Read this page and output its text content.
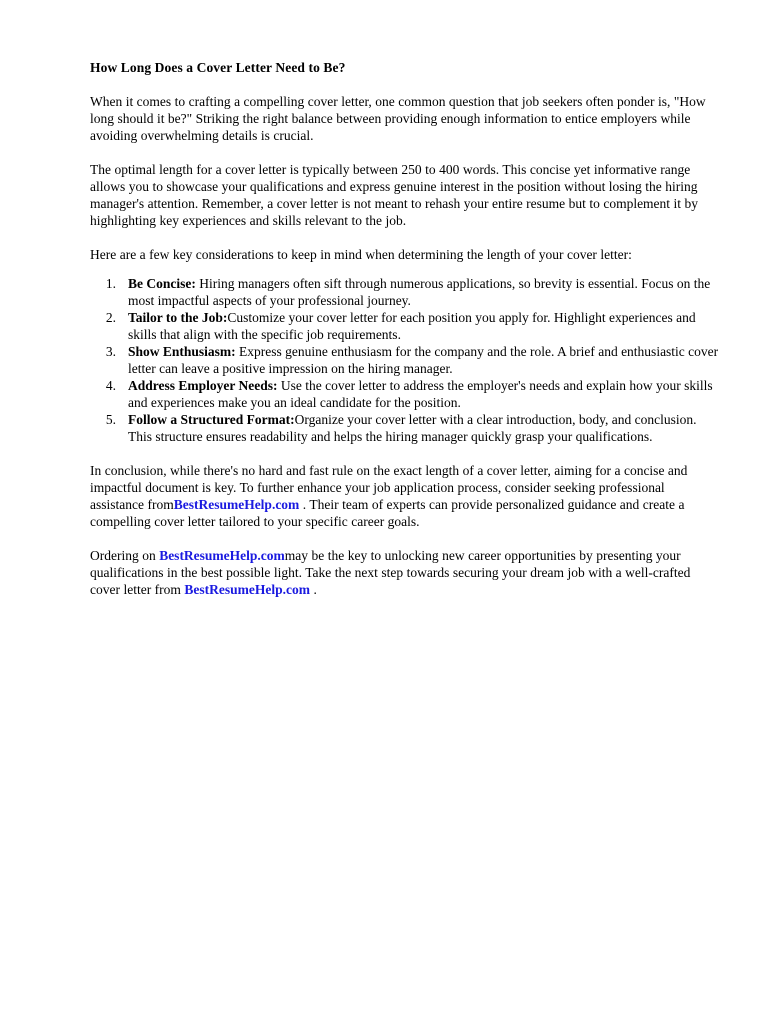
How Long Does a Cover Letter Need to Be?

When it comes to crafting a compelling cover letter, one common question that job seekers often ponder is, "How long should it be?" Striking the right balance between providing enough information to entice employers while avoiding overwhelming details is crucial.

The optimal length for a cover letter is typically between 250 to 400 words. This concise yet informative range allows you to showcase your qualifications and express genuine interest in the position without losing the hiring manager's attention. Remember, a cover letter is not meant to rehash your entire resume but to complement it by highlighting key experiences and skills relevant to the job.

Here are a few key considerations to keep in mind when determining the length of your cover letter:

Be Concise: Hiring managers often sift through numerous applications, so brevity is essential. Focus on the most impactful aspects of your professional journey.
Tailor to the Job:Customize your cover letter for each position you apply for. Highlight experiences and skills that align with the specific job requirements.
Show Enthusiasm: Express genuine enthusiasm for the company and the role. A brief and enthusiastic cover letter can leave a positive impression on the hiring manager.
Address Employer Needs: Use the cover letter to address the employer's needs and explain how your skills and experiences make you an ideal candidate for the position.
Follow a Structured Format:Organize your cover letter with a clear introduction, body, and conclusion. This structure ensures readability and helps the hiring manager quickly grasp your qualifications.

In conclusion, while there's no hard and fast rule on the exact length of a cover letter, aiming for a concise and impactful document is key. To further enhance your job application process, consider seeking professional assistance fromBestResumeHelp.com . Their team of experts can provide personalized guidance and create a compelling cover letter tailored to your specific career goals.

Ordering on BestResumeHelp.commay be the key to unlocking new career opportunities by presenting your qualifications in the best possible light. Take the next step towards securing your dream job with a well-crafted cover letter from BestResumeHelp.com .
